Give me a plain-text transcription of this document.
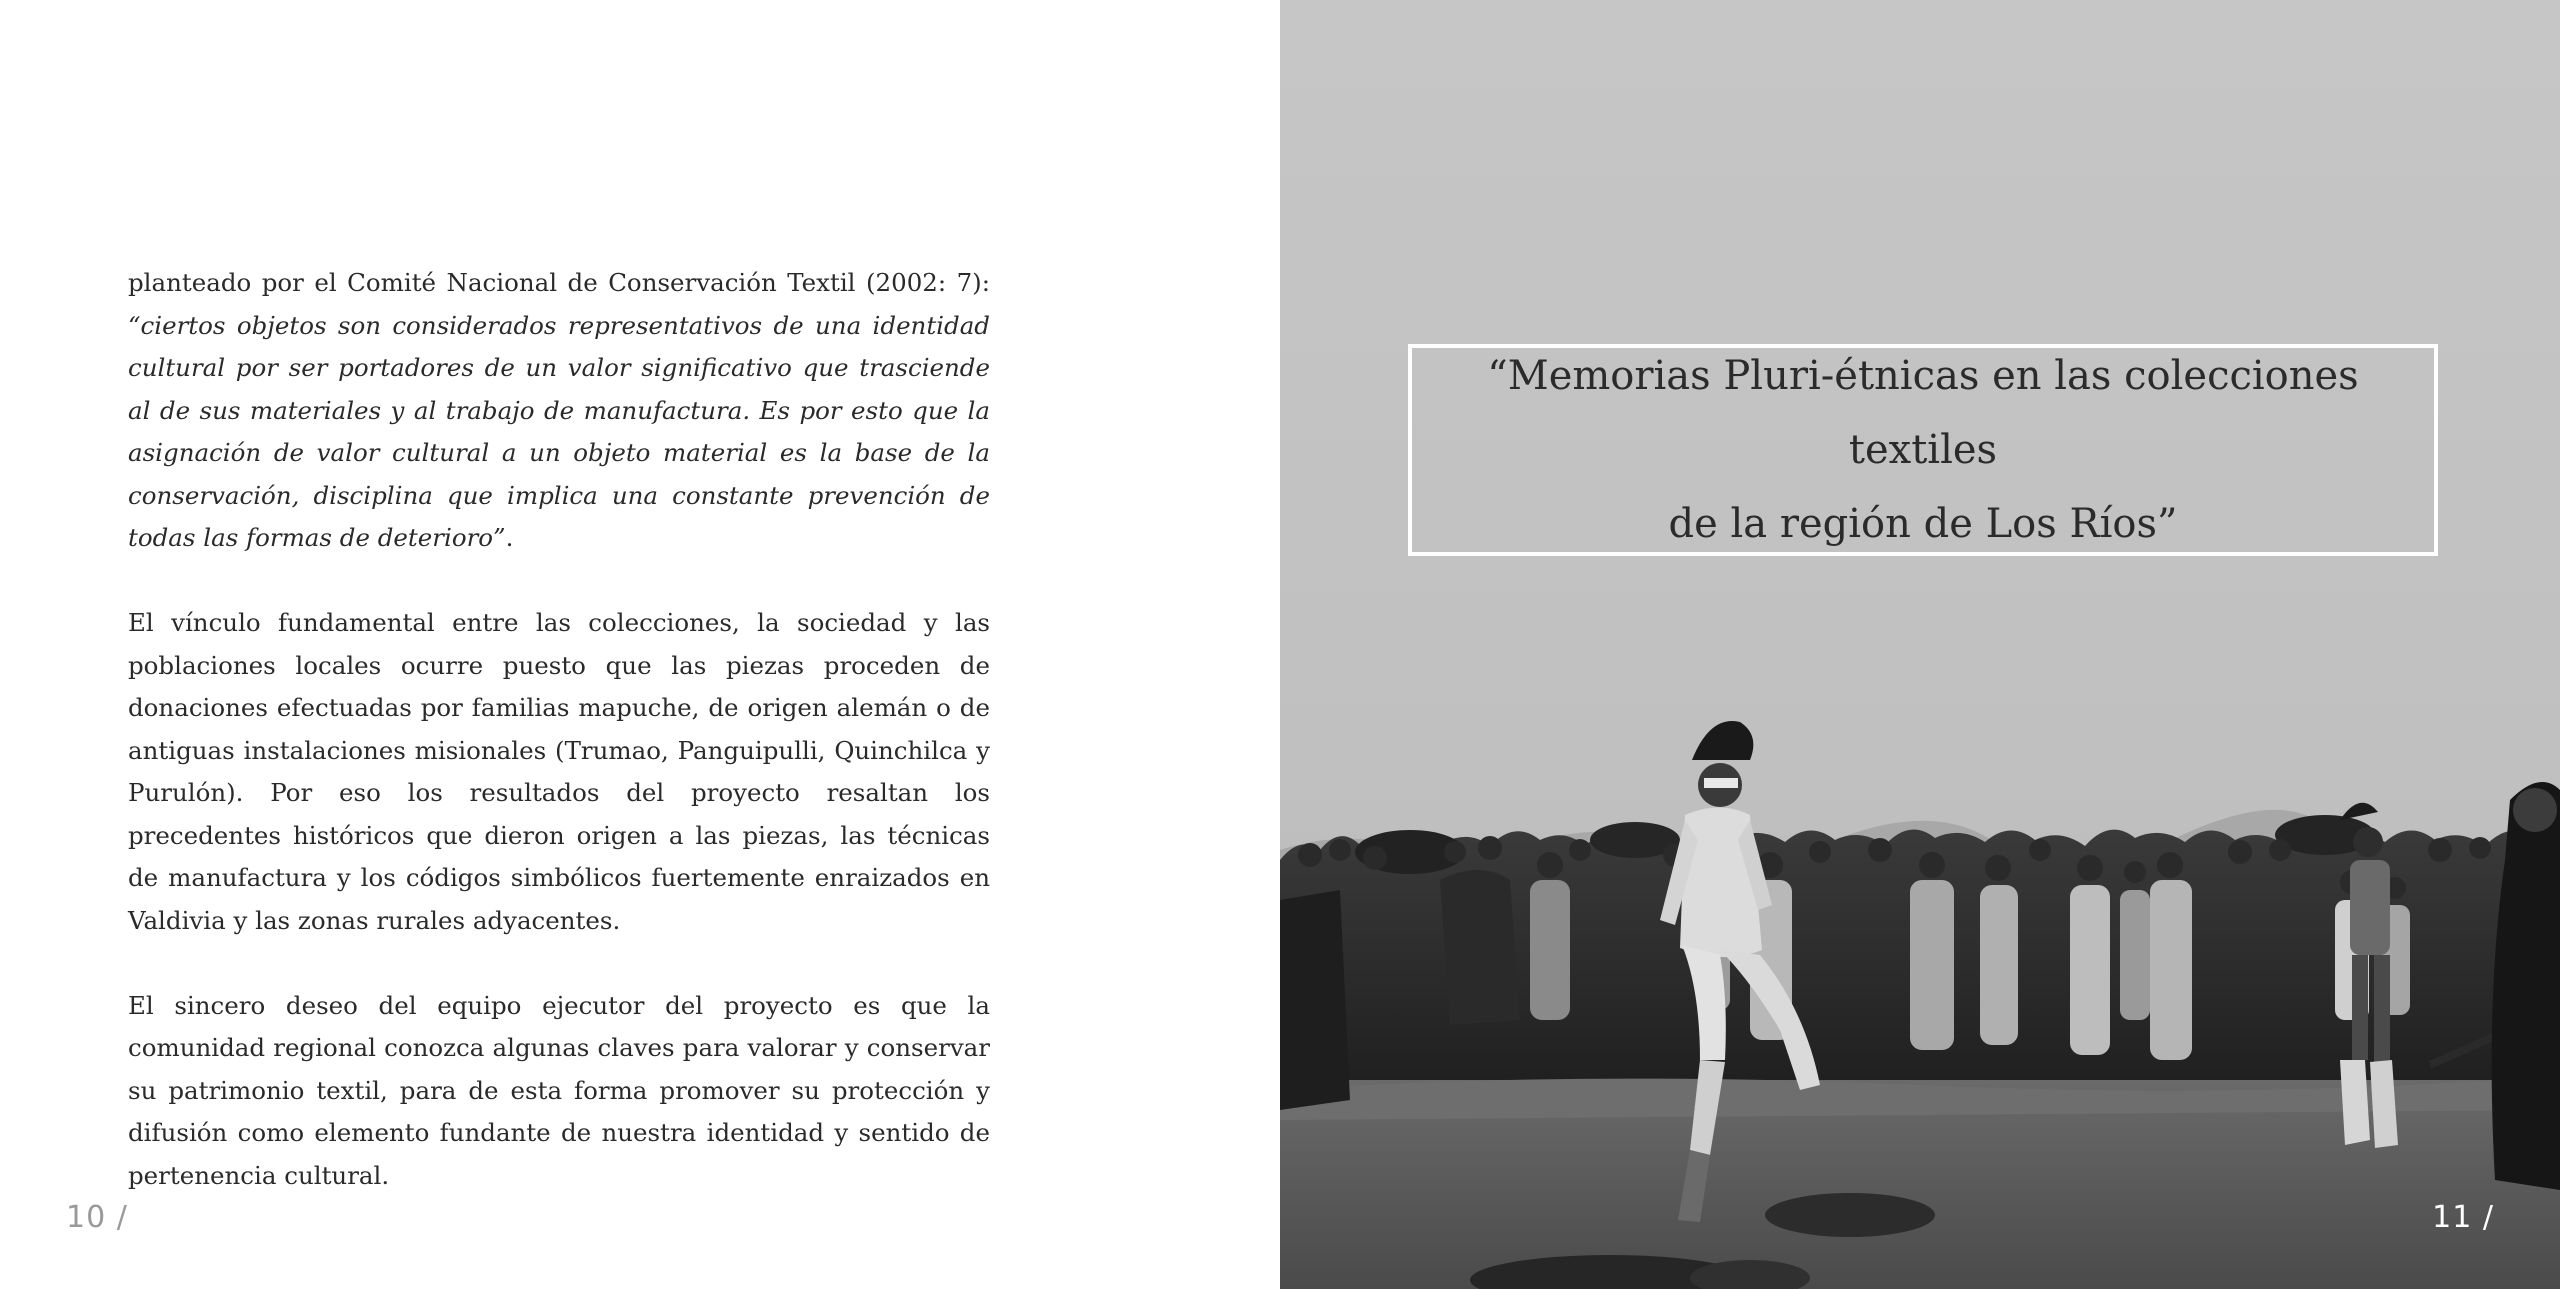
planteado por el Comité Nacional de Conservación Textil (2002: 7): “ciertos objetos son considerados representativos de una identidad cultural por ser portadores de un valor significativo que trasciende al de sus materiales y al trabajo de manufactura. Es por esto que la asignación de valor cultural a un objeto material es la base de la conservación, disciplina que implica una constante prevención de todas las formas de deterioro”.

El vínculo fundamental entre las colecciones, la sociedad y las poblaciones locales ocurre puesto que las piezas proceden de donaciones efectuadas por familias mapuche, de origen alemán o de antiguas instalaciones misionales (Trumao, Panguipulli, Quinchilca y Purulón). Por eso los resultados del proyecto resaltan los precedentes históricos que dieron origen a las piezas, las técnicas de manufactura y los códigos simbólicos fuertemente enraizados en Valdivia y las zonas rurales adyacentes.

El sincero deseo del equipo ejecutor del proyecto es que la comunidad regional conozca algunas claves para valorar y conservar su patrimonio textil, para de esta forma promover su protección y difusión como elemento fundante de nuestra identidad y sentido de pertenencia cultural.

10 /
“Memorias Pluri-étnicas en las colecciones textiles
de la región de Los Ríos”
11 /
